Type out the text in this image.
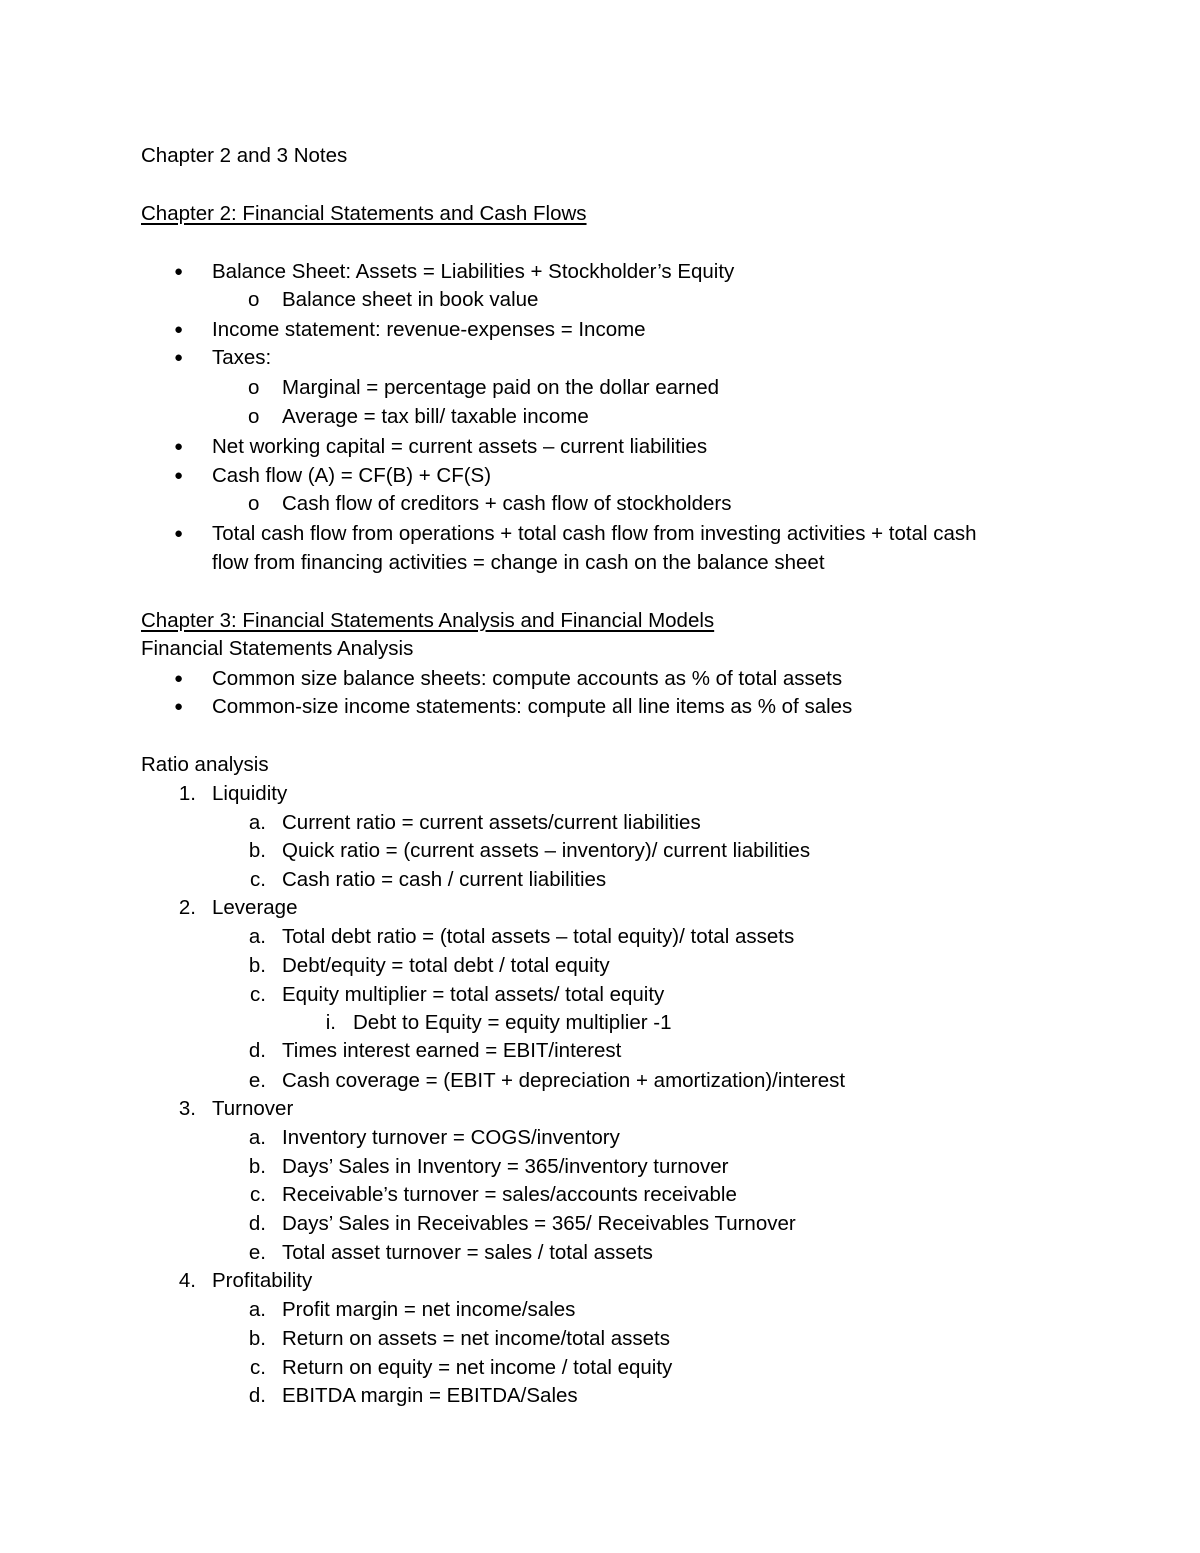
Chapter 2 and 3 Notes
Chapter 2: Financial Statements and Cash Flows
● Balance Sheet: Assets = Liabilities + Stockholder’s Equity
o Balance sheet in book value
● Income statement: revenue-expenses = Income
● Taxes:
o Marginal = percentage paid on the dollar earned
o Average = tax bill/ taxable income
● Net working capital = current assets – current liabilities
● Cash flow (A) = CF(B) + CF(S)
o Cash flow of creditors + cash flow of stockholders
● Total cash flow from operations + total cash flow from investing activities + total cash
flow from financing activities = change in cash on the balance sheet
Chapter 3: Financial Statements Analysis and Financial Models
Financial Statements Analysis
● Common size balance sheets: compute accounts as % of total assets
● Common-size income statements: compute all line items as % of sales
Ratio analysis
1. Liquidity
a. Current ratio = current assets/current liabilities
b. Quick ratio = (current assets – inventory)/ current liabilities
c. Cash ratio = cash / current liabilities
2. Leverage
a. Total debt ratio = (total assets – total equity)/ total assets
b. Debt/equity = total debt / total equity
c. Equity multiplier = total assets/ total equity
i. Debt to Equity = equity multiplier -1
d. Times interest earned = EBIT/interest
e. Cash coverage = (EBIT + depreciation + amortization)/interest
3. Turnover
a. Inventory turnover = COGS/inventory
b. Days’ Sales in Inventory = 365/inventory turnover
c. Receivable’s turnover = sales/accounts receivable
d. Days’ Sales in Receivables = 365/ Receivables Turnover
e. Total asset turnover = sales / total assets
4. Profitability
a. Profit margin = net income/sales
b. Return on assets = net income/total assets
c. Return on equity = net income / total equity
d. EBITDA margin = EBITDA/Sales
